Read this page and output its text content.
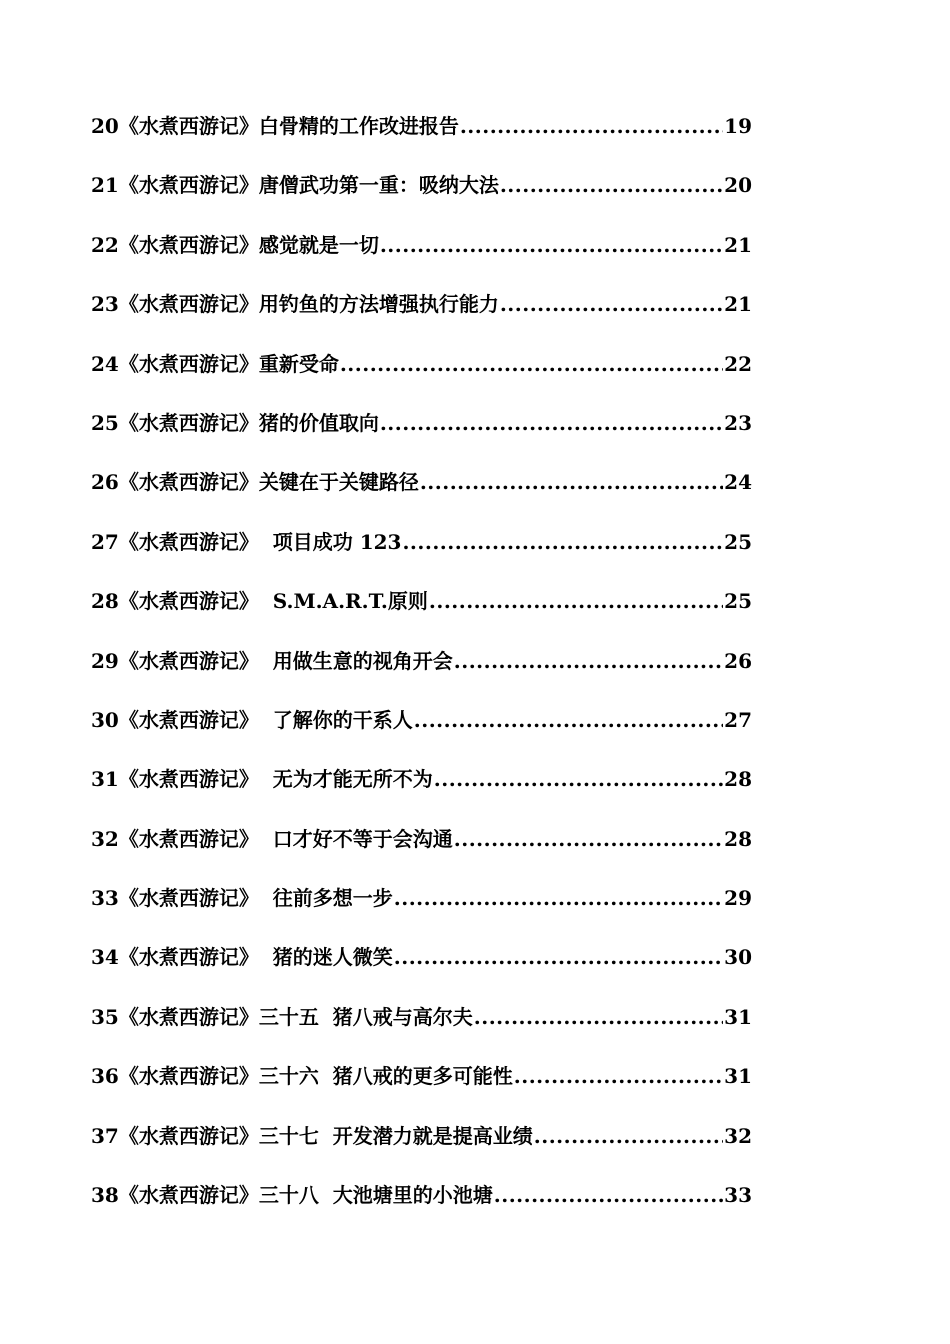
20《水煮西游记》白骨精的工作改进报告 .....	19
21《水煮西游记》唐僧武功第一重：吸纳大法 .....	20
22《水煮西游记》感觉就是一切 .....	21
23《水煮西游记》用钓鱼的方法增强执行能力 .....	21
24《水煮西游记》重新受命 .....	22
25《水煮西游记》猪的价值取向 .....	23
26《水煮西游记》关键在于关键路径 .....	24
27《水煮西游记》  项目成功 123 .....	25
28《水煮西游记》  S.M.A.R.T.原则 .....	25
29《水煮西游记》  用做生意的视角开会 .....	26
30《水煮西游记》  了解你的干系人 .....	27
31《水煮西游记》  无为才能无所不为 .....	28
32《水煮西游记》  口才好不等于会沟通 .....	28
33《水煮西游记》  往前多想一步 .....	29
34《水煮西游记》  猪的迷人微笑 .....	30
35《水煮西游记》三十五  猪八戒与高尔夫 .....	31
36《水煮西游记》三十六  猪八戒的更多可能性 .....	31
37《水煮西游记》三十七  开发潜力就是提高业绩 .....	32
38《水煮西游记》三十八  大池塘里的小池塘 .....	33
